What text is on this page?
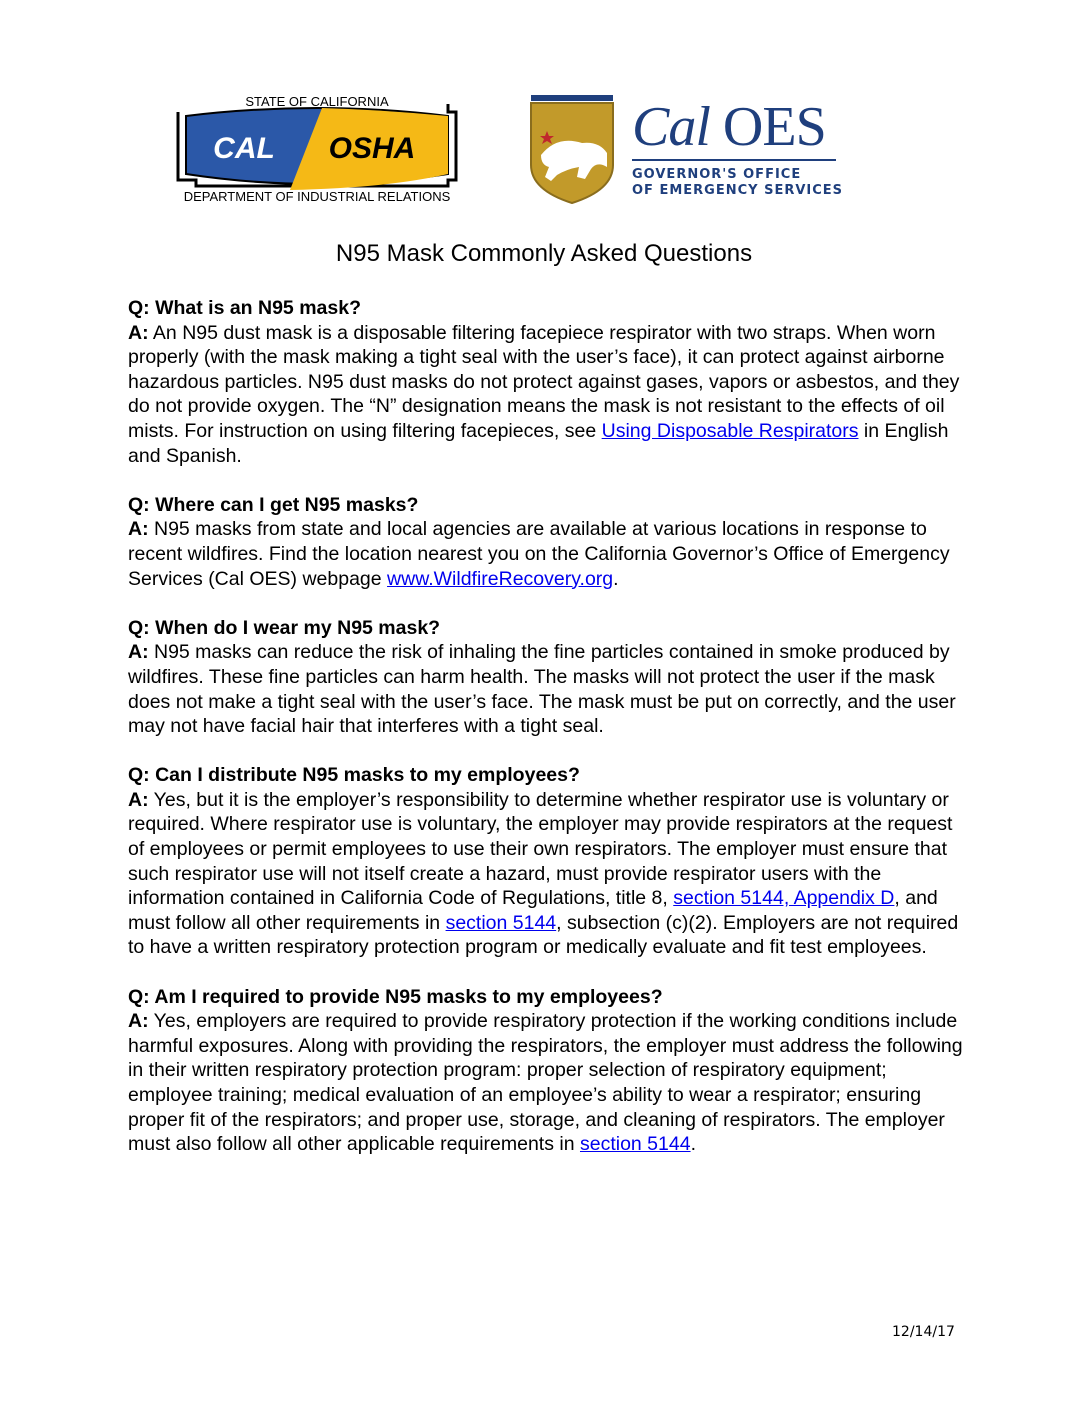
STATE OF CALIFORNIA
CAL OSHA
DEPARTMENT OF INDUSTRIAL RELATIONS
Cal OES
GOVERNOR'S OFFICE
OF EMERGENCY SERVICES
N95 Mask Commonly Asked Questions
Q: What is an N95 mask?
A: An N95 dust mask is a disposable filtering facepiece respirator with two straps. When worn properly (with the mask making a tight seal with the user’s face), it can protect against airborne hazardous particles. N95 dust masks do not protect against gases, vapors or asbestos, and they do not provide oxygen. The “N” designation means the mask is not resistant to the effects of oil mists. For instruction on using filtering facepieces, see Using Disposable Respirators in English and Spanish.
Q: Where can I get N95 masks?
A: N95 masks from state and local agencies are available at various locations in response to recent wildfires. Find the location nearest you on the California Governor’s Office of Emergency Services (Cal OES) webpage www.WildfireRecovery.org.
Q: When do I wear my N95 mask?
A: N95 masks can reduce the risk of inhaling the fine particles contained in smoke produced by wildfires. These fine particles can harm health. The masks will not protect the user if the mask does not make a tight seal with the user’s face. The mask must be put on correctly, and the user may not have facial hair that interferes with a tight seal.
Q: Can I distribute N95 masks to my employees?
A: Yes, but it is the employer’s responsibility to determine whether respirator use is voluntary or required. Where respirator use is voluntary, the employer may provide respirators at the request of employees or permit employees to use their own respirators. The employer must ensure that such respirator use will not itself create a hazard, must provide respirator users with the information contained in California Code of Regulations, title 8, section 5144, Appendix D, and must follow all other requirements in section 5144, subsection (c)(2). Employers are not required to have a written respiratory protection program or medically evaluate and fit test employees.
Q: Am I required to provide N95 masks to my employees?
A: Yes, employers are required to provide respiratory protection if the working conditions include harmful exposures. Along with providing the respirators, the employer must address the following in their written respiratory protection program: proper selection of respiratory equipment; employee training; medical evaluation of an employee’s ability to wear a respirator; ensuring proper fit of the respirators; and proper use, storage, and cleaning of respirators. The employer must also follow all other applicable requirements in section 5144.
12/14/17
